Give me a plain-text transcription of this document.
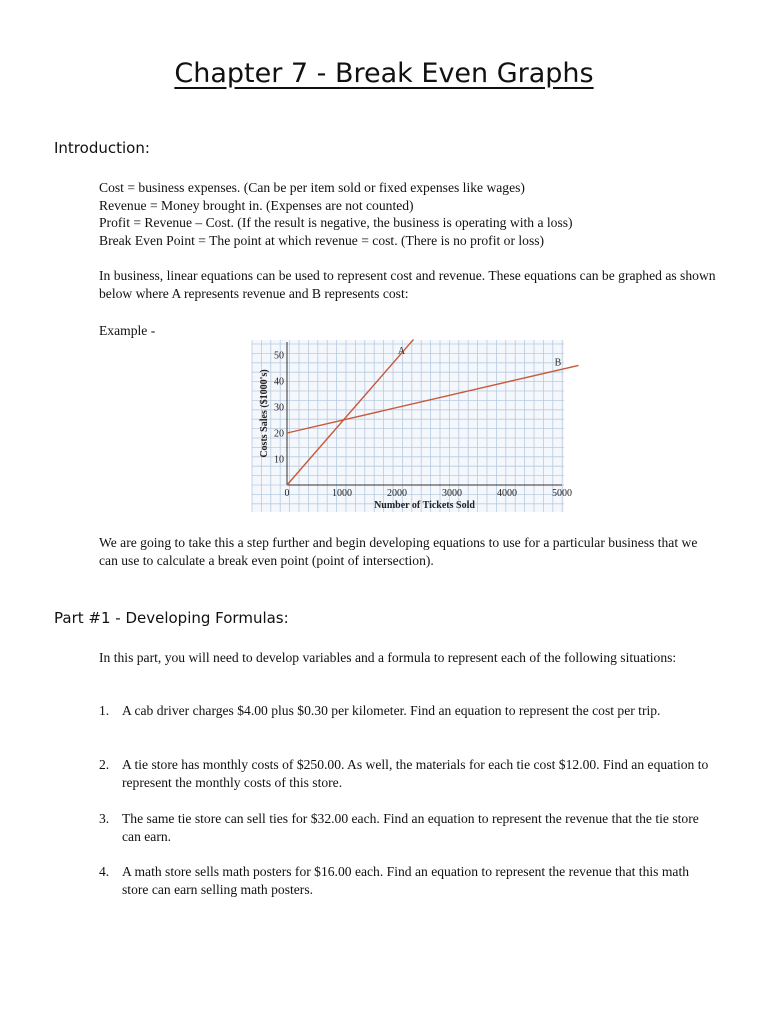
Chapter 7 - Break Even Graphs
Introduction:

Cost = business expenses. (Can be per item sold or fixed expenses like wages)

Revenue = Money brought in. (Expenses are not counted)

Profit = Revenue – Cost. (If the result is negative, the business is operating with a loss)

Break Even Point = The point at which revenue = cost. (There is no profit or loss)

In business, linear equations can be used to represent cost and revenue. These equations can be graphed as shown below where A represents revenue and B represents cost:
Example -
1000	2000	3000	4000	5000
0
10
20
30
40
50
Number of Tickets Sold
Costs Sales ($1000's)
A
B
We are going to take this a step further and begin developing equations to use for a particular business that we can use to calculate a break even point (point of intersection).
Part #1 - Developing Formulas:
In this part, you will need to develop variables and a formula to represent each of the following situations:
1. A cab driver charges $4.00 plus $0.30 per kilometer. Find an equation to represent the cost per trip.
2. A tie store has monthly costs of $250.00. As well, the materials for each tie cost $12.00. Find an equation to represent the monthly costs of this store.
3. The same tie store can sell ties for $32.00 each. Find an equation to represent the revenue that the tie store can earn.
4. A math store sells math posters for $16.00 each. Find an equation to represent the revenue that this math store can earn selling math posters.
